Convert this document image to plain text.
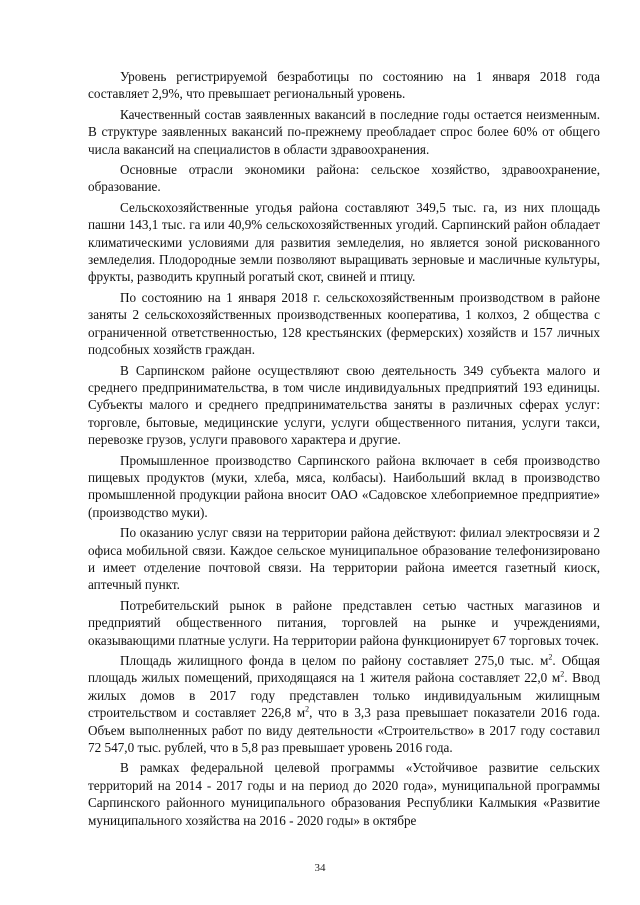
Уровень регистрируемой безработицы по состоянию на 1 января 2018 года составляет 2,9%, что превышает региональный уровень.

Качественный состав заявленных вакансий в последние годы остается неизменным. В структуре заявленных вакансий по-прежнему преобладает спрос более 60% от общего числа вакансий на специалистов в области здравоохранения.

Основные отрасли экономики района: сельское хозяйство, здравоохранение, образование.

Сельскохозяйственные угодья района составляют 349,5 тыс. га, из них площадь пашни 143,1 тыс. га или 40,9% сельскохозяйственных угодий. Сарпинский район обладает климатическими условиями для развития земледелия, но является зоной рискованного земледелия. Плодородные земли позволяют выращивать зерновые и масличные культуры, фрукты, разводить крупный рогатый скот, свиней и птицу.

По состоянию на 1 января 2018 г. сельскохозяйственным производством в районе заняты 2 сельскохозяйственных производственных кооператива, 1 колхоз, 2 общества с ограниченной ответственностью, 128 крестьянских (фермерских) хозяйств и 157 личных подсобных хозяйств граждан.

В Сарпинском районе осуществляют свою деятельность 349 субъекта малого и среднего предпринимательства, в том числе индивидуальных предприятий 193 единицы. Субъекты малого и среднего предпринимательства заняты в различных сферах услуг: торговле, бытовые, медицинские услуги, услуги общественного питания, услуги такси, перевозке грузов, услуги правового характера и другие.

Промышленное производство Сарпинского района включает в себя производство пищевых продуктов (муки, хлеба, мяса, колбасы). Наибольший вклад в производство промышленной продукции района вносит ОАО «Садовское хлебоприемное предприятие» (производство муки).

По оказанию услуг связи на территории района действуют: филиал электросвязи и 2 офиса мобильной связи. Каждое сельское муниципальное образование телефонизировано и имеет отделение почтовой связи. На территории района имеется газетный киоск, аптечный пункт.

Потребительский рынок в районе представлен сетью частных магазинов и предприятий общественного питания, торговлей на рынке и учреждениями, оказывающими платные услуги. На территории района функционирует 67 торговых точек.

Площадь жилищного фонда в целом по району составляет 275,0 тыс. $м^2$. Общая площадь жилых помещений, приходящаяся на 1 жителя района составляет 22,0 $м^2$. Ввод жилых домов в 2017 году представлен только индивидуальным жилищным строительством и составляет 226,8 $м^2$, что в 3,3 раза превышает показатели 2016 года. Объем выполненных работ по виду деятельности «Строительство» в 2017 году составил 72 547,0 тыс. рублей, что в 5,8 раз превышает уровень 2016 года.

В рамках федеральной целевой программы «Устойчивое развитие сельских территорий на 2014 - 2017 годы и на период до 2020 года», муниципальной программы Сарпинского районного муниципального образования Республики Калмыкия «Развитие муниципального хозяйства на 2016 - 2020 годы» в октябре

34
